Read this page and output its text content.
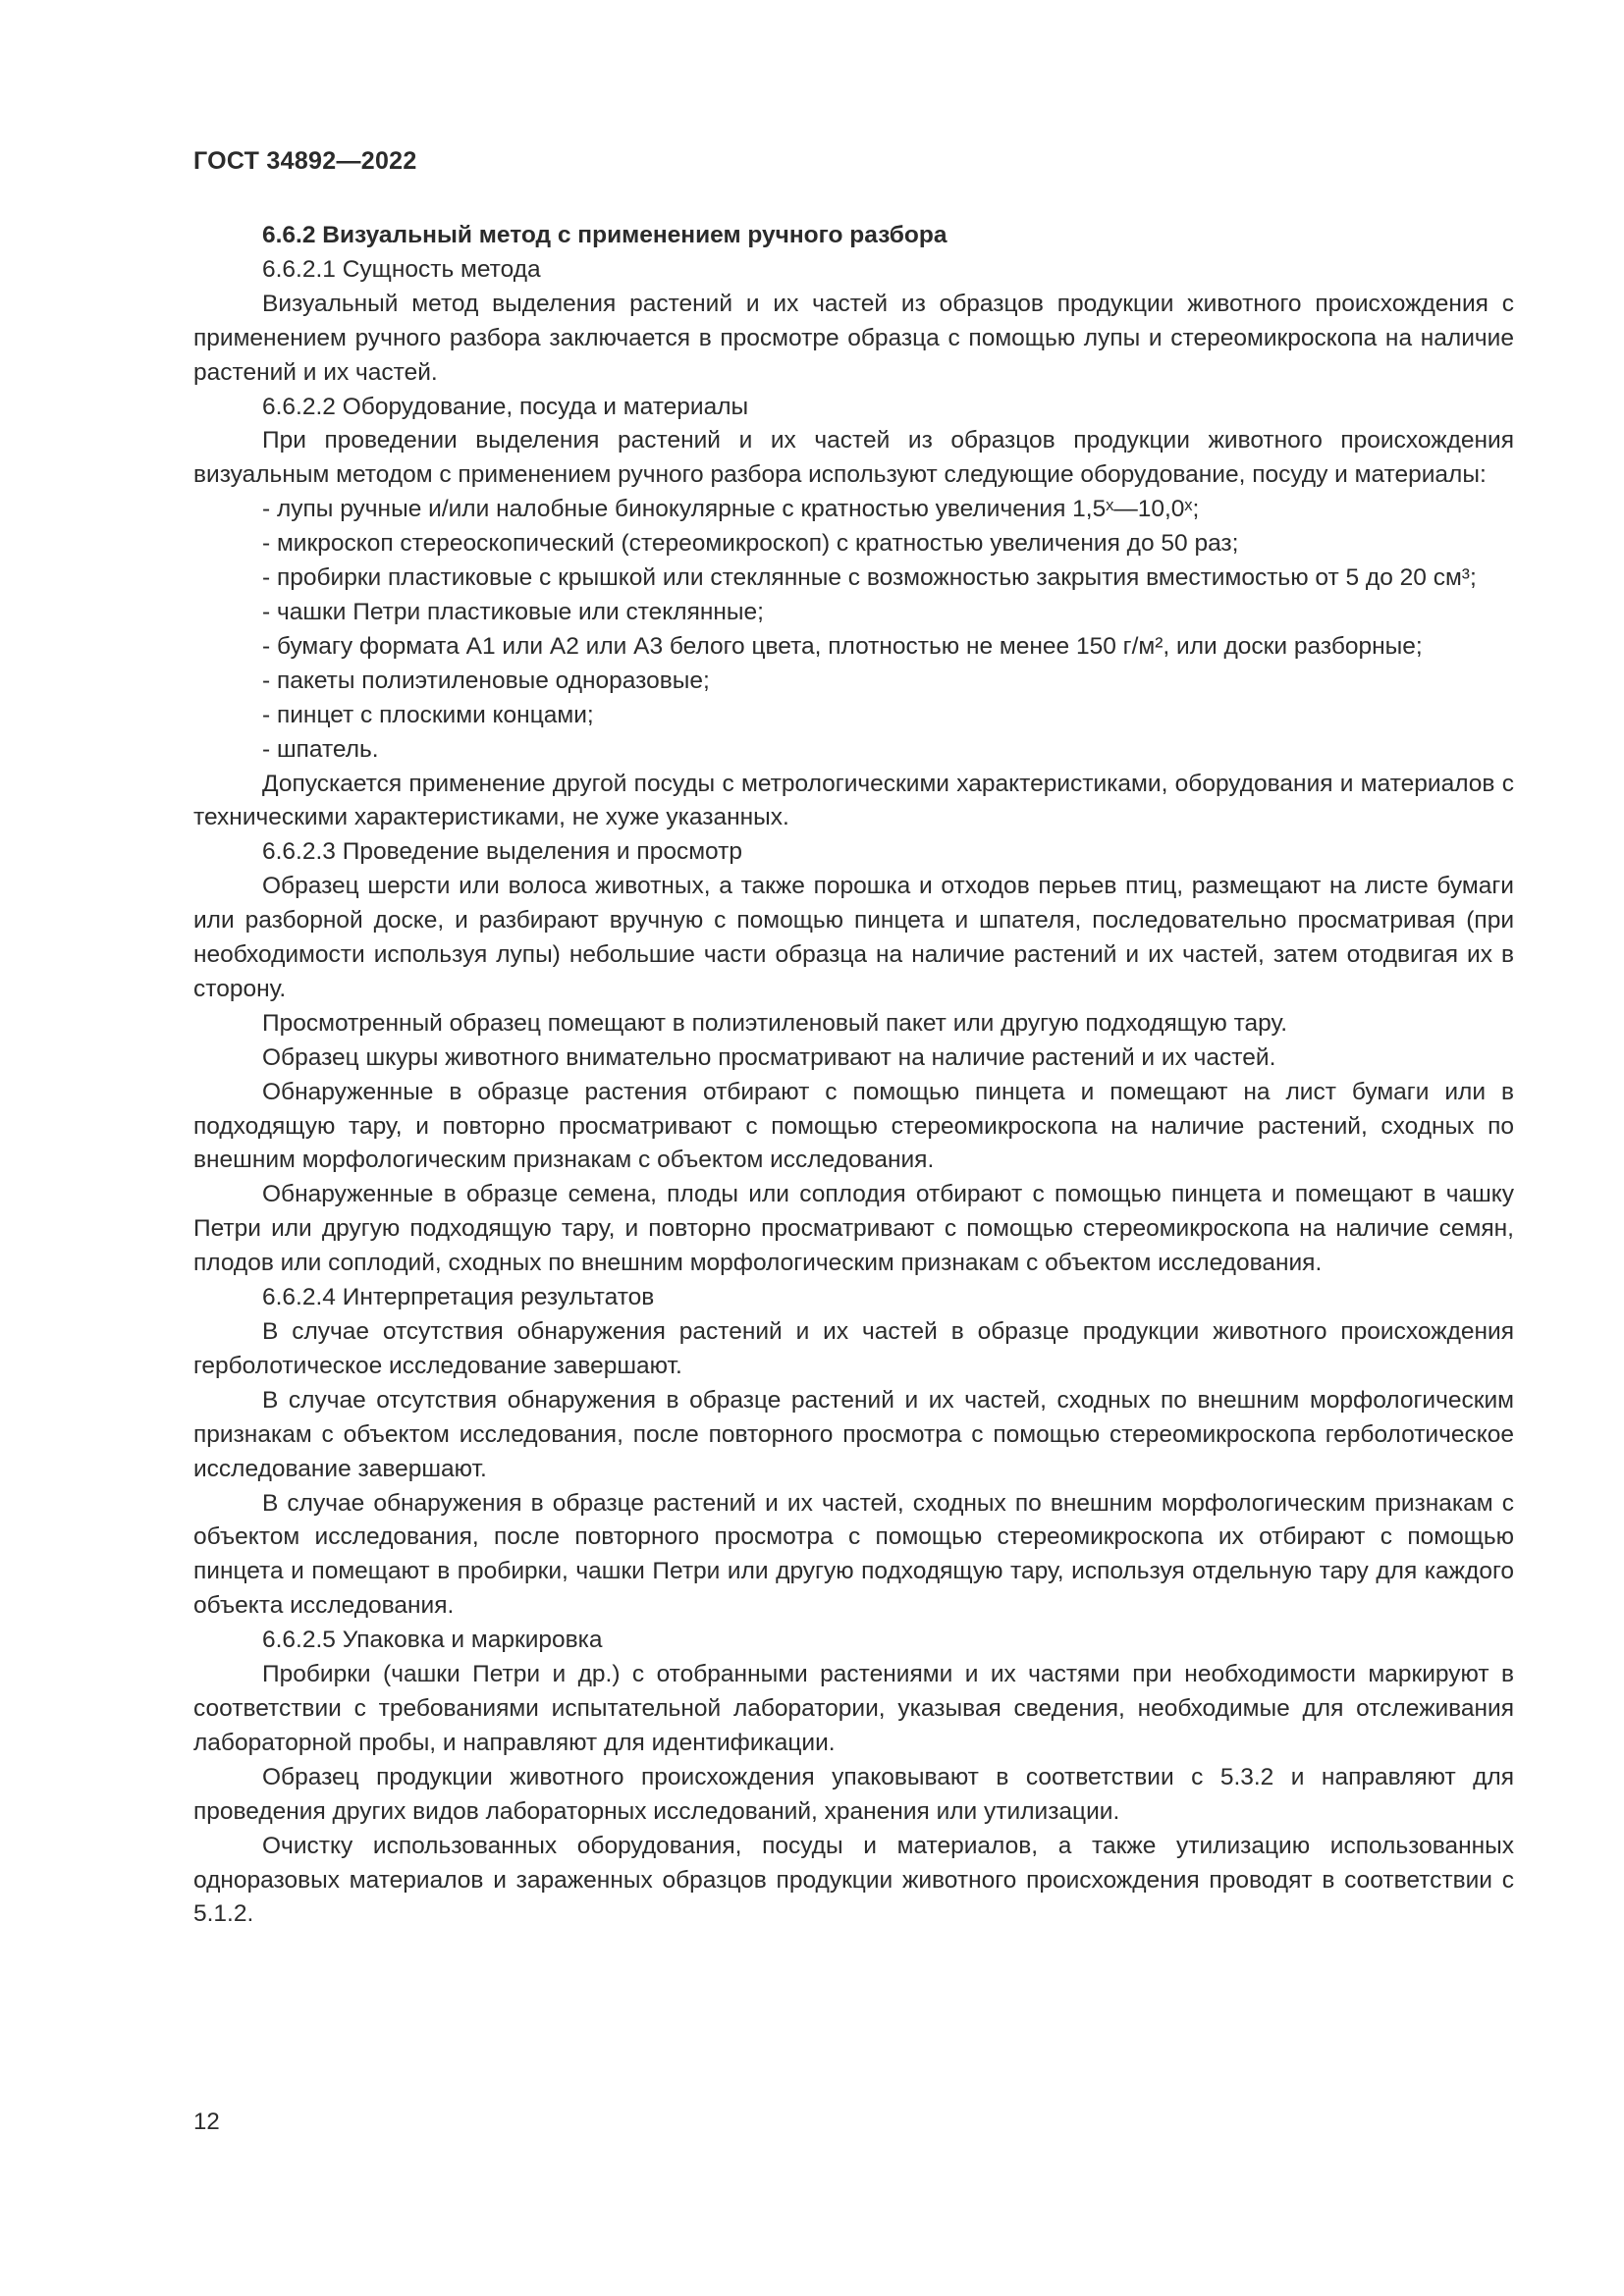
ГОСТ 34892—2022

6.6.2 Визуальный метод с применением ручного разбора

6.6.2.1 Сущность метода

Визуальный метод выделения растений и их частей из образцов продукции животного происхождения с применением ручного разбора заключается в просмотре образца с помощью лупы и стереомикроскопа на наличие растений и их частей.

6.6.2.2 Оборудование, посуда и материалы

При проведении выделения растений и их частей из образцов продукции животного происхождения визуальным методом с применением ручного разбора используют следующие оборудование, посуду и материалы:

- лупы ручные и/или налобные бинокулярные с кратностью увеличения 1,5ˣ—10,0ˣ;

- микроскоп стереоскопический (стереомикроскоп) с кратностью увеличения до 50 раз;

- пробирки пластиковые с крышкой или стеклянные с возможностью закрытия вместимостью от 5 до 20 см³;

- чашки Петри пластиковые или стеклянные;

- бумагу формата А1 или А2 или А3 белого цвета, плотностью не менее 150 г/м², или доски разборные;

- пакеты полиэтиленовые одноразовые;

- пинцет с плоскими концами;

- шпатель.

Допускается применение другой посуды с метрологическими характеристиками, оборудования и материалов с техническими характеристиками, не хуже указанных.

6.6.2.3 Проведение выделения и просмотр

Образец шерсти или волоса животных, а также порошка и отходов перьев птиц, размещают на листе бумаги или разборной доске, и разбирают вручную с помощью пинцета и шпателя, последовательно просматривая (при необходимости используя лупы) небольшие части образца на наличие растений и их частей, затем отодвигая их в сторону.

Просмотренный образец помещают в полиэтиленовый пакет или другую подходящую тару.

Образец шкуры животного внимательно просматривают на наличие растений и их частей.

Обнаруженные в образце растения отбирают с помощью пинцета и помещают на лист бумаги или в подходящую тару, и повторно просматривают с помощью стереомикроскопа на наличие растений, сходных по внешним морфологическим признакам с объектом исследования.

Обнаруженные в образце семена, плоды или соплодия отбирают с помощью пинцета и помещают в чашку Петри или другую подходящую тару, и повторно просматривают с помощью стереомикроскопа на наличие семян, плодов или соплодий, сходных по внешним морфологическим признакам с объектом исследования.

6.6.2.4 Интерпретация результатов

В случае отсутствия обнаружения растений и их частей в образце продукции животного происхождения герболотическое исследование завершают.

В случае отсутствия обнаружения в образце растений и их частей, сходных по внешним морфологическим признакам с объектом исследования, после повторного просмотра с помощью стереомикроскопа герболотическое исследование завершают.

В случае обнаружения в образце растений и их частей, сходных по внешним морфологическим признакам с объектом исследования, после повторного просмотра с помощью стереомикроскопа их отбирают с помощью пинцета и помещают в пробирки, чашки Петри или другую подходящую тару, используя отдельную тару для каждого объекта исследования.

6.6.2.5 Упаковка и маркировка

Пробирки (чашки Петри и др.) с отобранными растениями и их частями при необходимости маркируют в соответствии с требованиями испытательной лаборатории, указывая сведения, необходимые для отслеживания лабораторной пробы, и направляют для идентификации.

Образец продукции животного происхождения упаковывают в соответствии с 5.3.2 и направляют для проведения других видов лабораторных исследований, хранения или утилизации.

Очистку использованных оборудования, посуды и материалов, а также утилизацию использованных одноразовых материалов и зараженных образцов продукции животного происхождения проводят в соответствии с 5.1.2.

12
